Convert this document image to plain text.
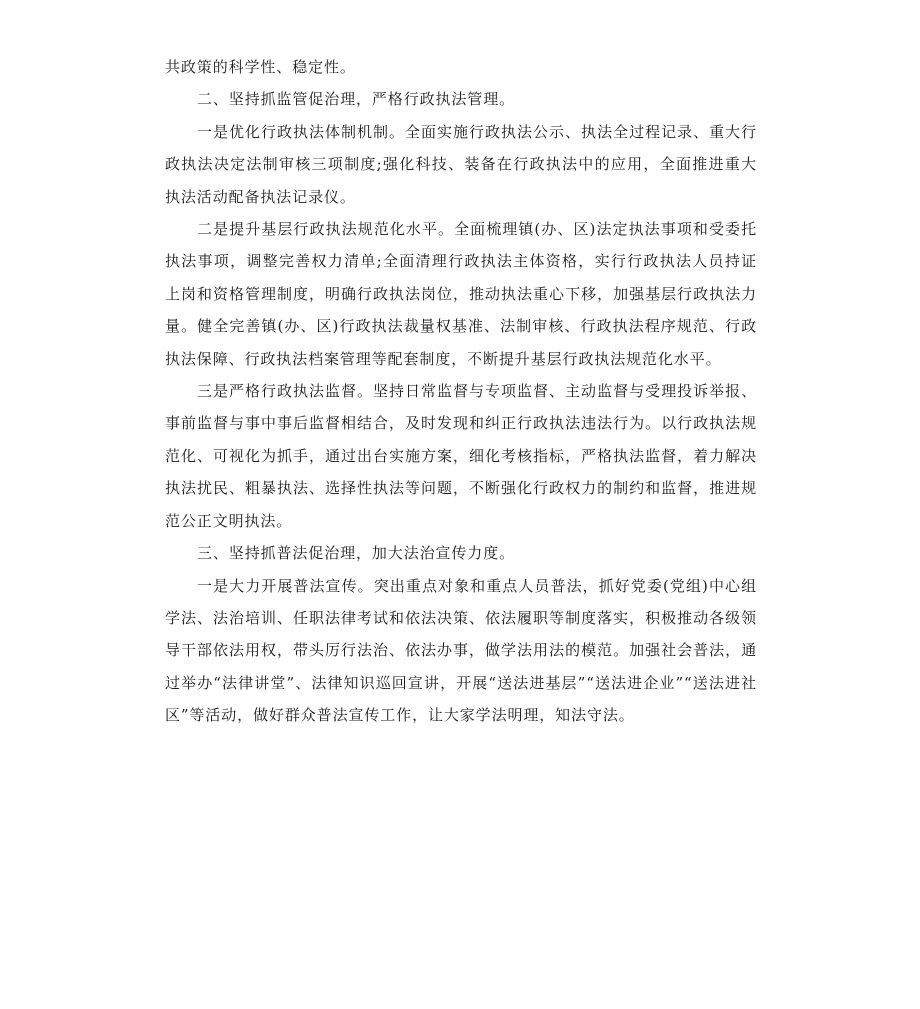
共政策的科学性、稳定性。

二、坚持抓监管促治理，严格行政执法管理。

一是优化行政执法体制机制。全面实施行政执法公示、执法全过程记录、重大行政执法决定法制审核三项制度;强化科技、装备在行政执法中的应用，全面推进重大执法活动配备执法记录仪。

二是提升基层行政执法规范化水平。全面梳理镇(办、区)法定执法事项和受委托执法事项，调整完善权力清单;全面清理行政执法主体资格，实行行政执法人员持证上岗和资格管理制度，明确行政执法岗位，推动执法重心下移，加强基层行政执法力量。健全完善镇(办、区)行政执法裁量权基准、法制审核、行政执法程序规范、行政执法保障、行政执法档案管理等配套制度，不断提升基层行政执法规范化水平。

三是严格行政执法监督。坚持日常监督与专项监督、主动监督与受理投诉举报、事前监督与事中事后监督相结合，及时发现和纠正行政执法违法行为。以行政执法规范化、可视化为抓手，通过出台实施方案，细化考核指标，严格执法监督，着力解决执法扰民、粗暴执法、选择性执法等问题，不断强化行政权力的制约和监督，推进规范公正文明执法。

三、坚持抓普法促治理，加大法治宣传力度。

一是大力开展普法宣传。突出重点对象和重点人员普法，抓好党委(党组)中心组学法、法治培训、任职法律考试和依法决策、依法履职等制度落实，积极推动各级领导干部依法用权，带头厉行法治、依法办事，做学法用法的模范。加强社会普法，通过举办“法律讲堂”、法律知识巡回宣讲，开展“送法进基层”“送法进企业”“送法进社区”等活动，做好群众普法宣传工作，让大家学法明理，知法守法。
